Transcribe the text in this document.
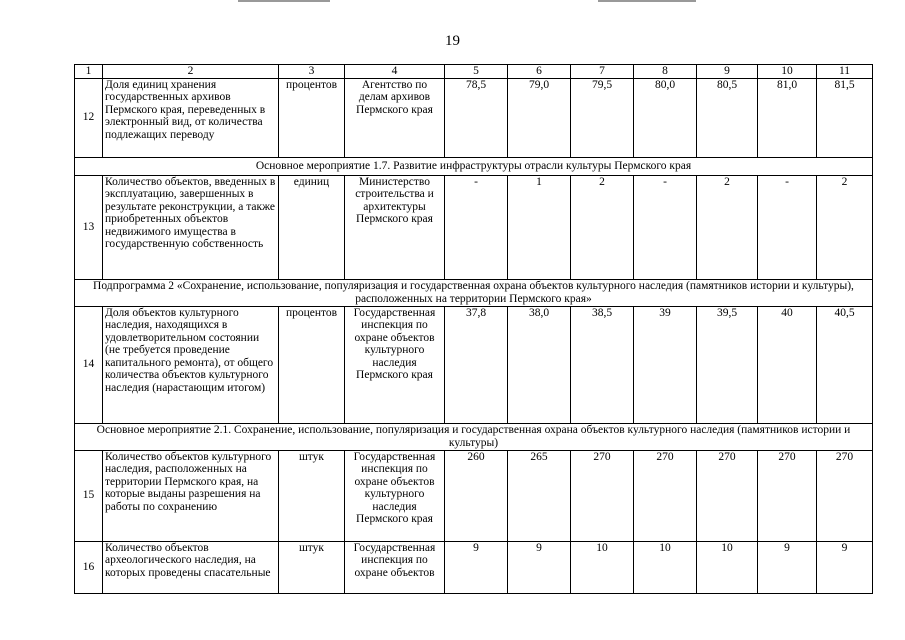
19
1	2	3	4	5	6	7	8	9	10	11
12	Доля единиц хранения государственных архивов Пермского края, переведенных в электронный вид, от количества подлежащих переводу	процентов	Агентство по делам архивов Пермского края	78,5	79,0	79,5	80,0	80,5	81,0	81,5
Основное мероприятие 1.7. Развитие инфраструктуры отрасли культуры Пермского края										
13	Количество объектов, введенных в эксплуатацию, завершенных в результате реконструкции, а также приобретенных объектов недвижимого имущества в государственную собственность	единиц	Министерство строительства и архитектуры Пермского края	-	1	2	-	2	-	2
Подпрограмма 2 «Сохранение, использование, популяризация и государственная охрана объектов культурного наследия (памятников истории и культуры), расположенных на территории Пермского края»										
14	Доля объектов культурного наследия, находящихся в удовлетворительном состоянии (не требуется проведение капитального ремонта), от общего количества объектов культурного наследия (нарастающим итогом)	процентов	Государственная инспекция по охране объектов культурного наследия Пермского края	37,8	38,0	38,5	39	39,5	40	40,5
Основное мероприятие 2.1. Сохранение, использование, популяризация и государственная охрана объектов культурного наследия (памятников истории и культуры)										
15	Количество объектов культурного наследия, расположенных на территории Пермского края, на которые выданы разрешения на работы по сохранению	штук	Государственная инспекция по охране объектов культурного наследия Пермского края	260	265	270	270	270	270	270
16	Количество объектов археологического наследия, на которых проведены спасательные	штук	Государственная инспекция по охране объектов	9	9	10	10	10	9	9
